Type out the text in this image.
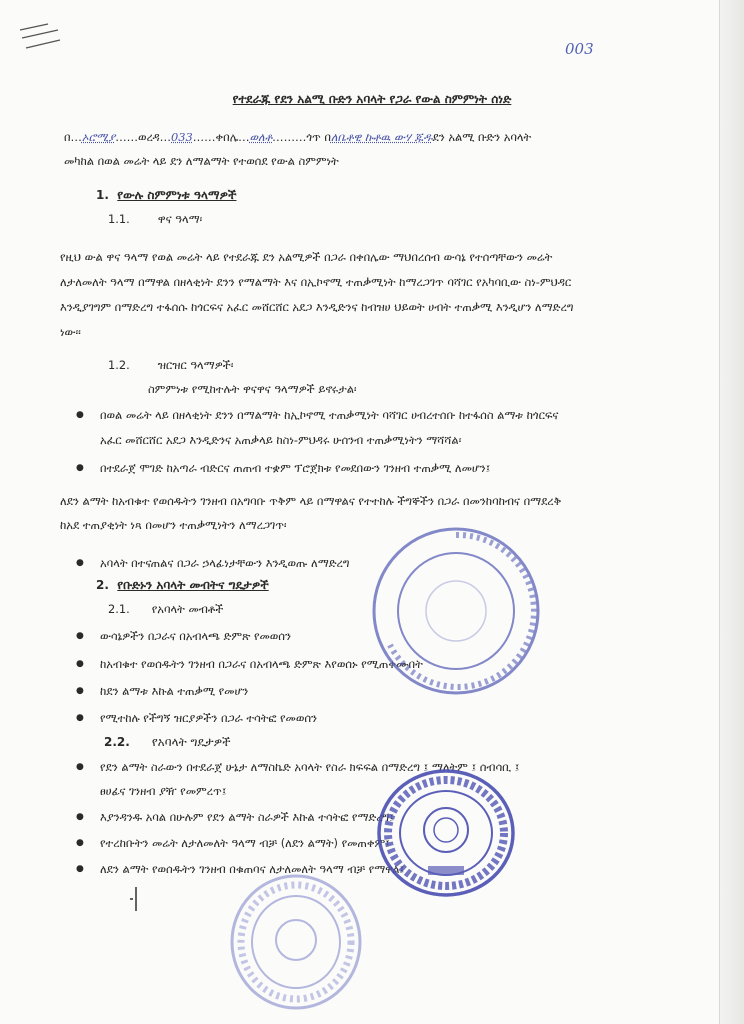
003
የተደራጁ የደን አልሚ ቡድን አባላት የጋራ የውል ስምምነት ሰነድ
በ…ኦሮሚያ……ወረዳ…033……ቀበሌ…ወለቶ………ጎጥ በለቤቶዊ ኩቶዉ ውሃ ጁዱደን አልሚ ቡድን አባላት
መካከል በወል መሬት ላይ ደን ለማልማት የተወሰደ የውል ስምምነት
1. የውሉ ስምምነቱ ዓላማዎች
1.1. ዋና ዓላማ፡
የዚህ ውል ዋና ዓላማ የወል መሬት ላይ የተደራጁ ደን አልሚዎች በጋራ በቀበሌው ማህበረሰብ ውሳኔ የተሰጣቸውን መሬት
ለታለመለት ዓላማ በማዋል በዘላቂነት ደንን የማልማት እና በኢኮኖሚ ተጠቃሚነት ከማረጋገጥ ባሻገር የአካባቢው ስነ-ምህዳር
እንዲያገግም በማድረግ ተፋሰሱ ከጎርፍና አፈር መሸርሸር አደጋ እንዲድንና ከብዝሀ ህይወት ሀብት ተጠቃሚ እንዲሆን ለማድረግ
ነው፡፡
1.2. ዝርዝር ዓላማዎች፡
ስምምነቱ የሚከተሉት ዋናዋና ዓላማዎች ይኖሩታል፡
● በወል መሬት ላይ በዘላቂነት ደንን በማልማት ከኢኮኖሚ ተጠቃሚነት ባሻገር ሀብረተሰቡ ከተፋሰስ ልማቱ ከጎርፍና
አፈር መሸርሸር አደጋ እንዲድንና አጠቃላይ ከስነ-ምህዳሩ ሁሰንብ ተጠቃሚነትን ማሻሻል፡
● በተደራጀ ሞገድ ከአጣራ ብድርና ጠጠብ ተቋም ፕሮጀክቱ የመደበውን ገንዘብ ተጠቃሚ ለመሆን፤
ለደን ልማት ከአብቁተ የወሰዱትን ገንዘብ በአግባቡ ጥቅም ላይ በማዋልና የተተከሉ ችግኞችን በጋራ በመንከባከብና በማደረቅ
ከአደ ተጠያቂነት ነጻ በመሆን ተጠቃሚነትን ለማረጋገጥ፡
● አባላት በተናጠልና በጋራ ኃላፊነታቸውን እንዲወጡ ለማድረግ
2. የቡድኑን አባላት መብትና ግዴታዎች
2.1. የአባላት መብቶች
● ውሳኔዎችን በጋራና በአብላጫ ድምጽ የመወሰን
● ከአብቁተ የወሰዱትን ገንዘብ በጋራና በአብላጫ ድምጽ እየወሰኑ የሚጠቀሙበት
● ከደን ልማቱ እኩል ተጠቃሚ የመሆን
● የሚተከሉ የችግኝ ዝርያዎችን በጋራ ተሳትፎ የመወሰን
2.2. የአባላት ግዴታዎች
● የደን ልማት ስራውን በተደራጀ ሁኔታ ለማስኬድ አባላት የስራ ክፍፍል በማድረግ ፤ ማለትም ፤ ሰብሳቢ ፤
ፀሀፊና ገንዘብ ያዥ የመምረጥ፤
● እያንዳንዱ አባል በሁሉም የደን ልማት ስራዎች እኩል ተሳትፎ የማድረግ፤
● የተረከቡትን መሬት ለታለመለት ዓላማ ብቻ (ለደን ልማት) የመጠቀም፤
● ለደን ልማት የወሰዱትን ገንዘብ በቁጠባና ለታለመለት ዓላማ ብቻ የማዋል፤
